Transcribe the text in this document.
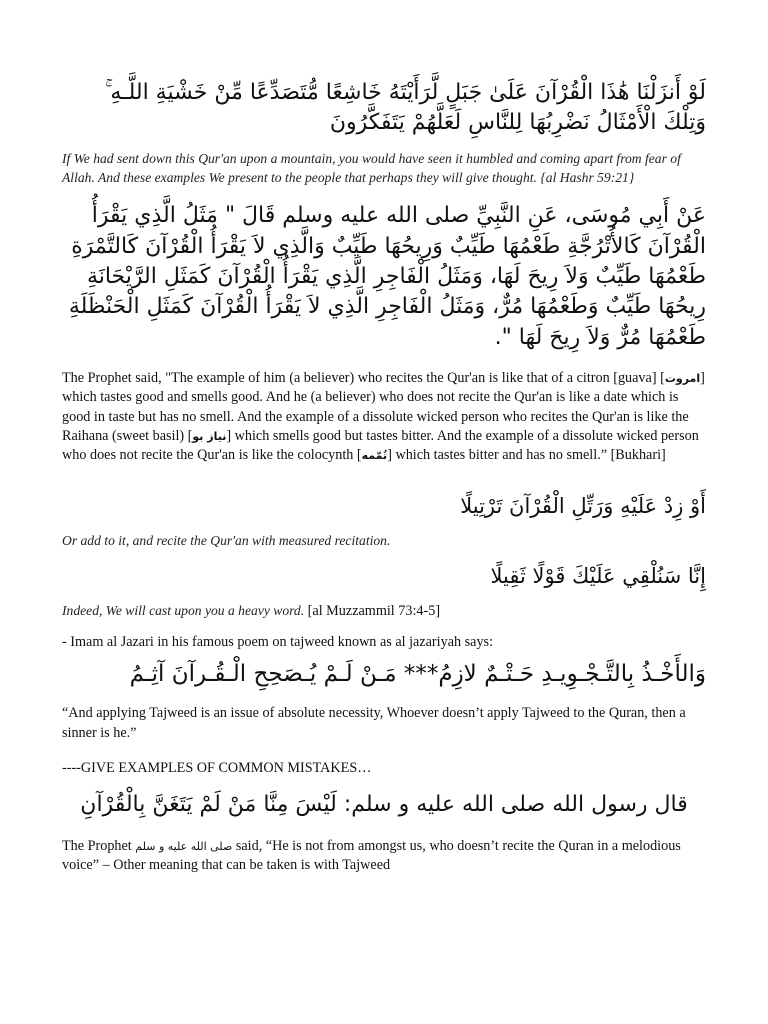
لَوْ أَنزَلْنَا هَٰذَا الْقُرْآنَ عَلَىٰ جَبَلٍ لَّرَأَيْتَهُ خَاشِعًا مُّتَصَدِّعًا مِّنْ خَشْيَةِ اللَّـهِ ۚ وَتِلْكَ الْأَمْثَالُ نَضْرِبُهَا لِلنَّاسِ لَعَلَّهُمْ يَتَفَكَّرُونَ

If We had sent down this Qur'an upon a mountain, you would have seen it humbled and coming apart from fear of Allah. And these examples We present to the people that perhaps they will give thought. {al Hashr 59:21}

عَنْ أَبِي مُوسَى، عَنِ النَّبِيِّ صلى الله عليه وسلم قَالَ " مَثَلُ الَّذِي يَقْرَأُ الْقُرْآنَ كَالأُتْرُجَّةِ طَعْمُهَا طَيِّبٌ وَرِيحُهَا طَيِّبٌ وَالَّذِي لاَ يَقْرَأُ الْقُرْآنَ كَالتَّمْرَةِ طَعْمُهَا طَيِّبٌ وَلاَ رِيحَ لَهَا، وَمَثَلُ الْفَاجِرِ الَّذِي يَقْرَأُ الْقُرْآنَ كَمَثَلِ الرَّيْحَانَةِ رِيحُهَا طَيِّبٌ وَطَعْمُهَا مُرٌّ، وَمَثَلُ الْفَاجِرِ الَّذِي لاَ يَقْرَأُ الْقُرْآنَ كَمَثَلِ الْحَنْظَلَةِ طَعْمُهَا مُرٌّ وَلاَ رِيحَ لَهَا ".

The Prophet said, "The example of him (a believer) who recites the Qur'an is like that of a citron [guava] [امروت] which tastes good and smells good. And he (a believer) who does not recite the Qur'an is like a date which is good in taste but has no smell. And the example of a dissolute wicked person who recites the Qur'an is like the Raihana (sweet basil) [نیاز بو] which smells good but tastes bitter. And the example of a dissolute wicked person who does not recite the Qur'an is like the colocynth [تُمّمه] which tastes bitter and has no smell.” [Bukhari]

أَوْ زِدْ عَلَيْهِ وَرَتِّلِ الْقُرْآنَ تَرْتِيلًا

Or add to it, and recite the Qur'an with measured recitation.

إِنَّا سَنُلْقِي عَلَيْكَ قَوْلًا ثَقِيلًا

Indeed, We will cast upon you a heavy word. [al Muzzammil 73:4-5]

- Imam al Jazari in his famous poem on tajweed known as al jazariyah says:

وَالأَخْـذُ بِالتَّـجْـوِيـدِ حَـتْـمٌ لازِمُ*** مَـنْ لَـمْ يُـصَحِحِ الْـقُـرآنَ آثِـمُ

“And applying Tajweed is an issue of absolute necessity, Whoever doesn’t apply Tajweed to the Quran, then a sinner is he.”

----GIVE EXAMPLES OF COMMON MISTAKES…

قال رسول الله صلى الله عليه و سلم: لَيْسَ مِنَّا مَنْ لَمْ يَتَغَنَّ بِالْقُرْآنِ

The Prophet صلى الله عليه و سلم said, “He is not from amongst us, who doesn’t recite the Quran in a melodious voice” – Other meaning that can be taken is with Tajweed
